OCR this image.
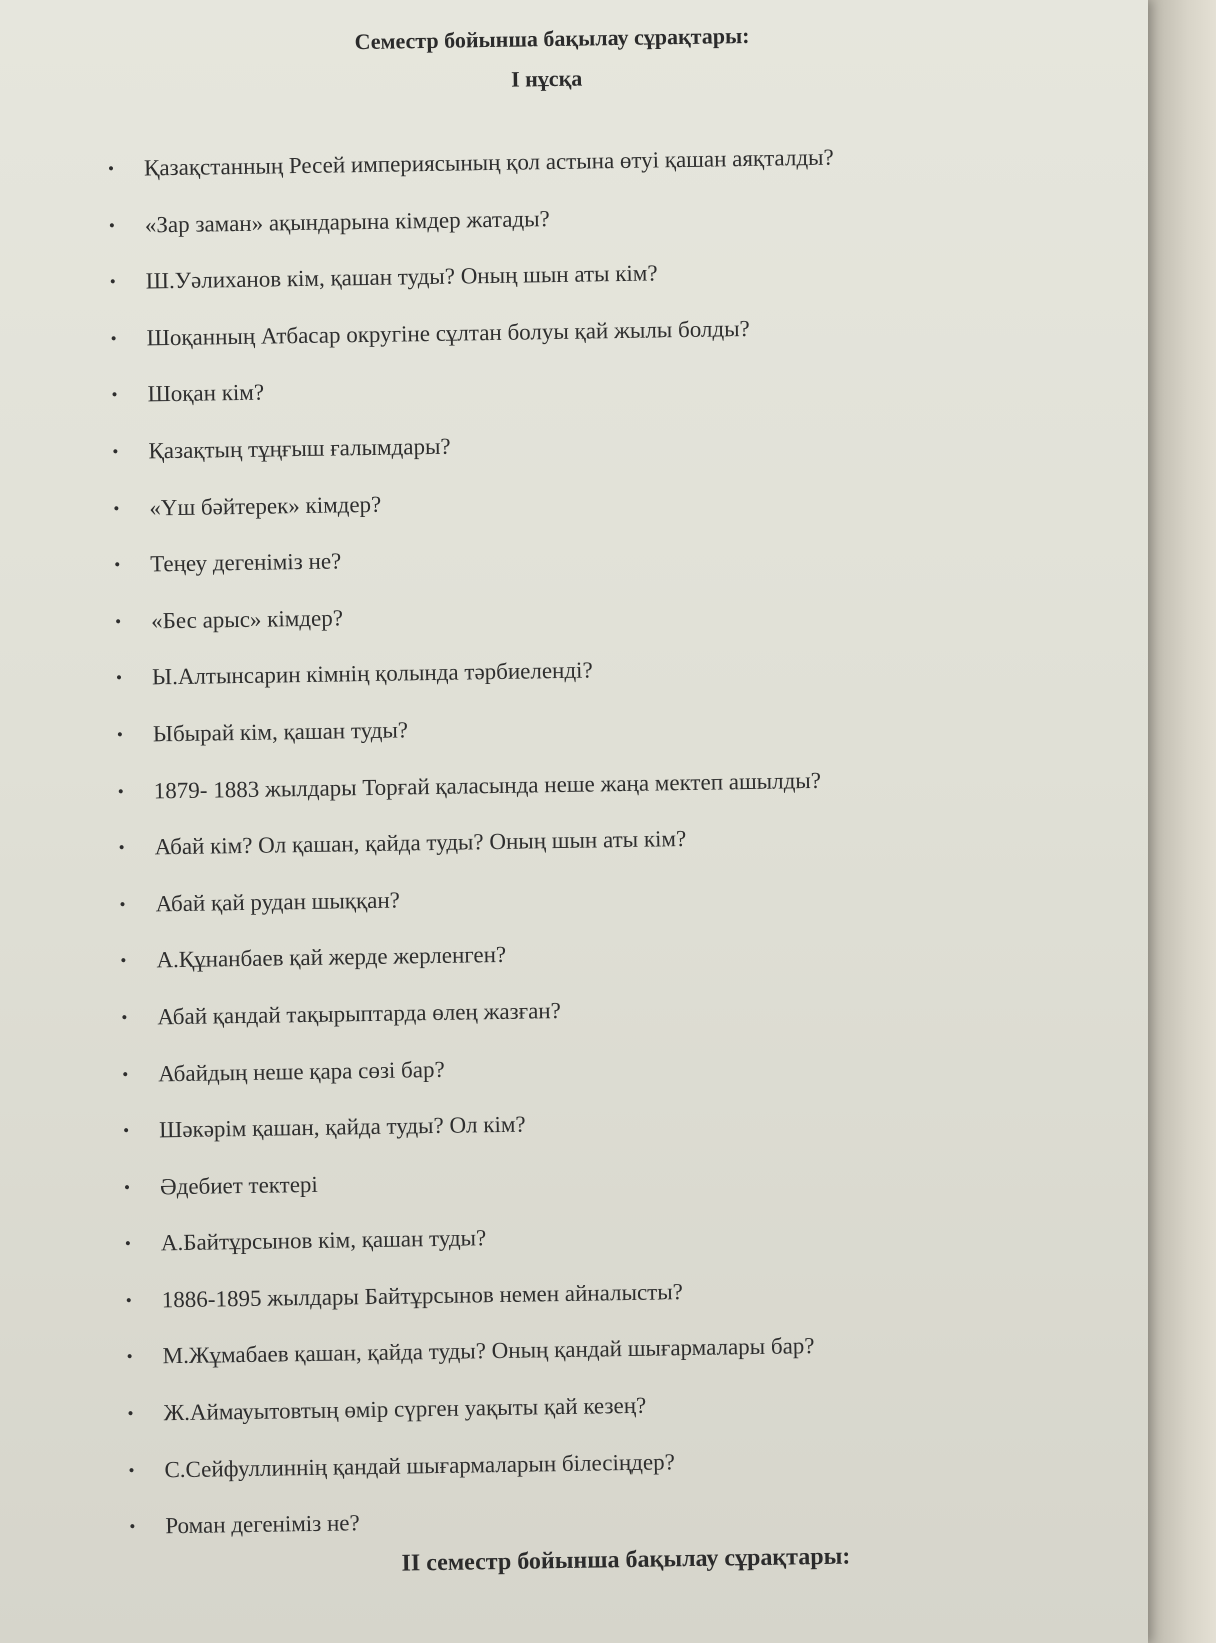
Семестр бойынша бақылау сұрақтары:
І нұсқа
• Қазақстанның Ресей империясының қол астына өтуі қашан аяқталды?
• «Зар заман» ақындарына кімдер жатады?
• Ш.Уәлиханов кім, қашан туды? Оның шын аты кім?
• Шоқанның Атбасар округіне сұлтан болуы қай жылы болды?
• Шоқан кім?
• Қазақтың тұңғыш ғалымдары?
• «Үш бәйтерек» кімдер?
• Теңеу дегеніміз не?
• «Бес арыс» кімдер?
• Ы.Алтынсарин кімнің қолында тәрбиеленді?
• Ыбырай кім, қашан туды?
• 1879- 1883 жылдары Торғай қаласында неше жаңа мектеп ашылды?
• Абай кім? Ол қашан, қайда туды? Оның шын аты кім?
• Абай қай рудан шыққан?
• А.Құнанбаев қай жерде жерленген?
• Абай қандай тақырыптарда өлең жазған?
• Абайдың неше қара сөзі бар?
• Шәкәрім қашан, қайда туды? Ол кім?
• Әдебиет тектері
• А.Байтұрсынов кім, қашан туды?
• 1886-1895 жылдары Байтұрсынов немен айналысты?
• М.Жұмабаев қашан, қайда туды? Оның қандай шығармалары бар?
• Ж.Аймауытовтың өмір сүрген уақыты қай кезең?
• С.Сейфуллиннің қандай шығармаларын білесіңдер?
• Роман дегеніміз не?
ІІ семестр бойынша бақылау сұрақтары:
